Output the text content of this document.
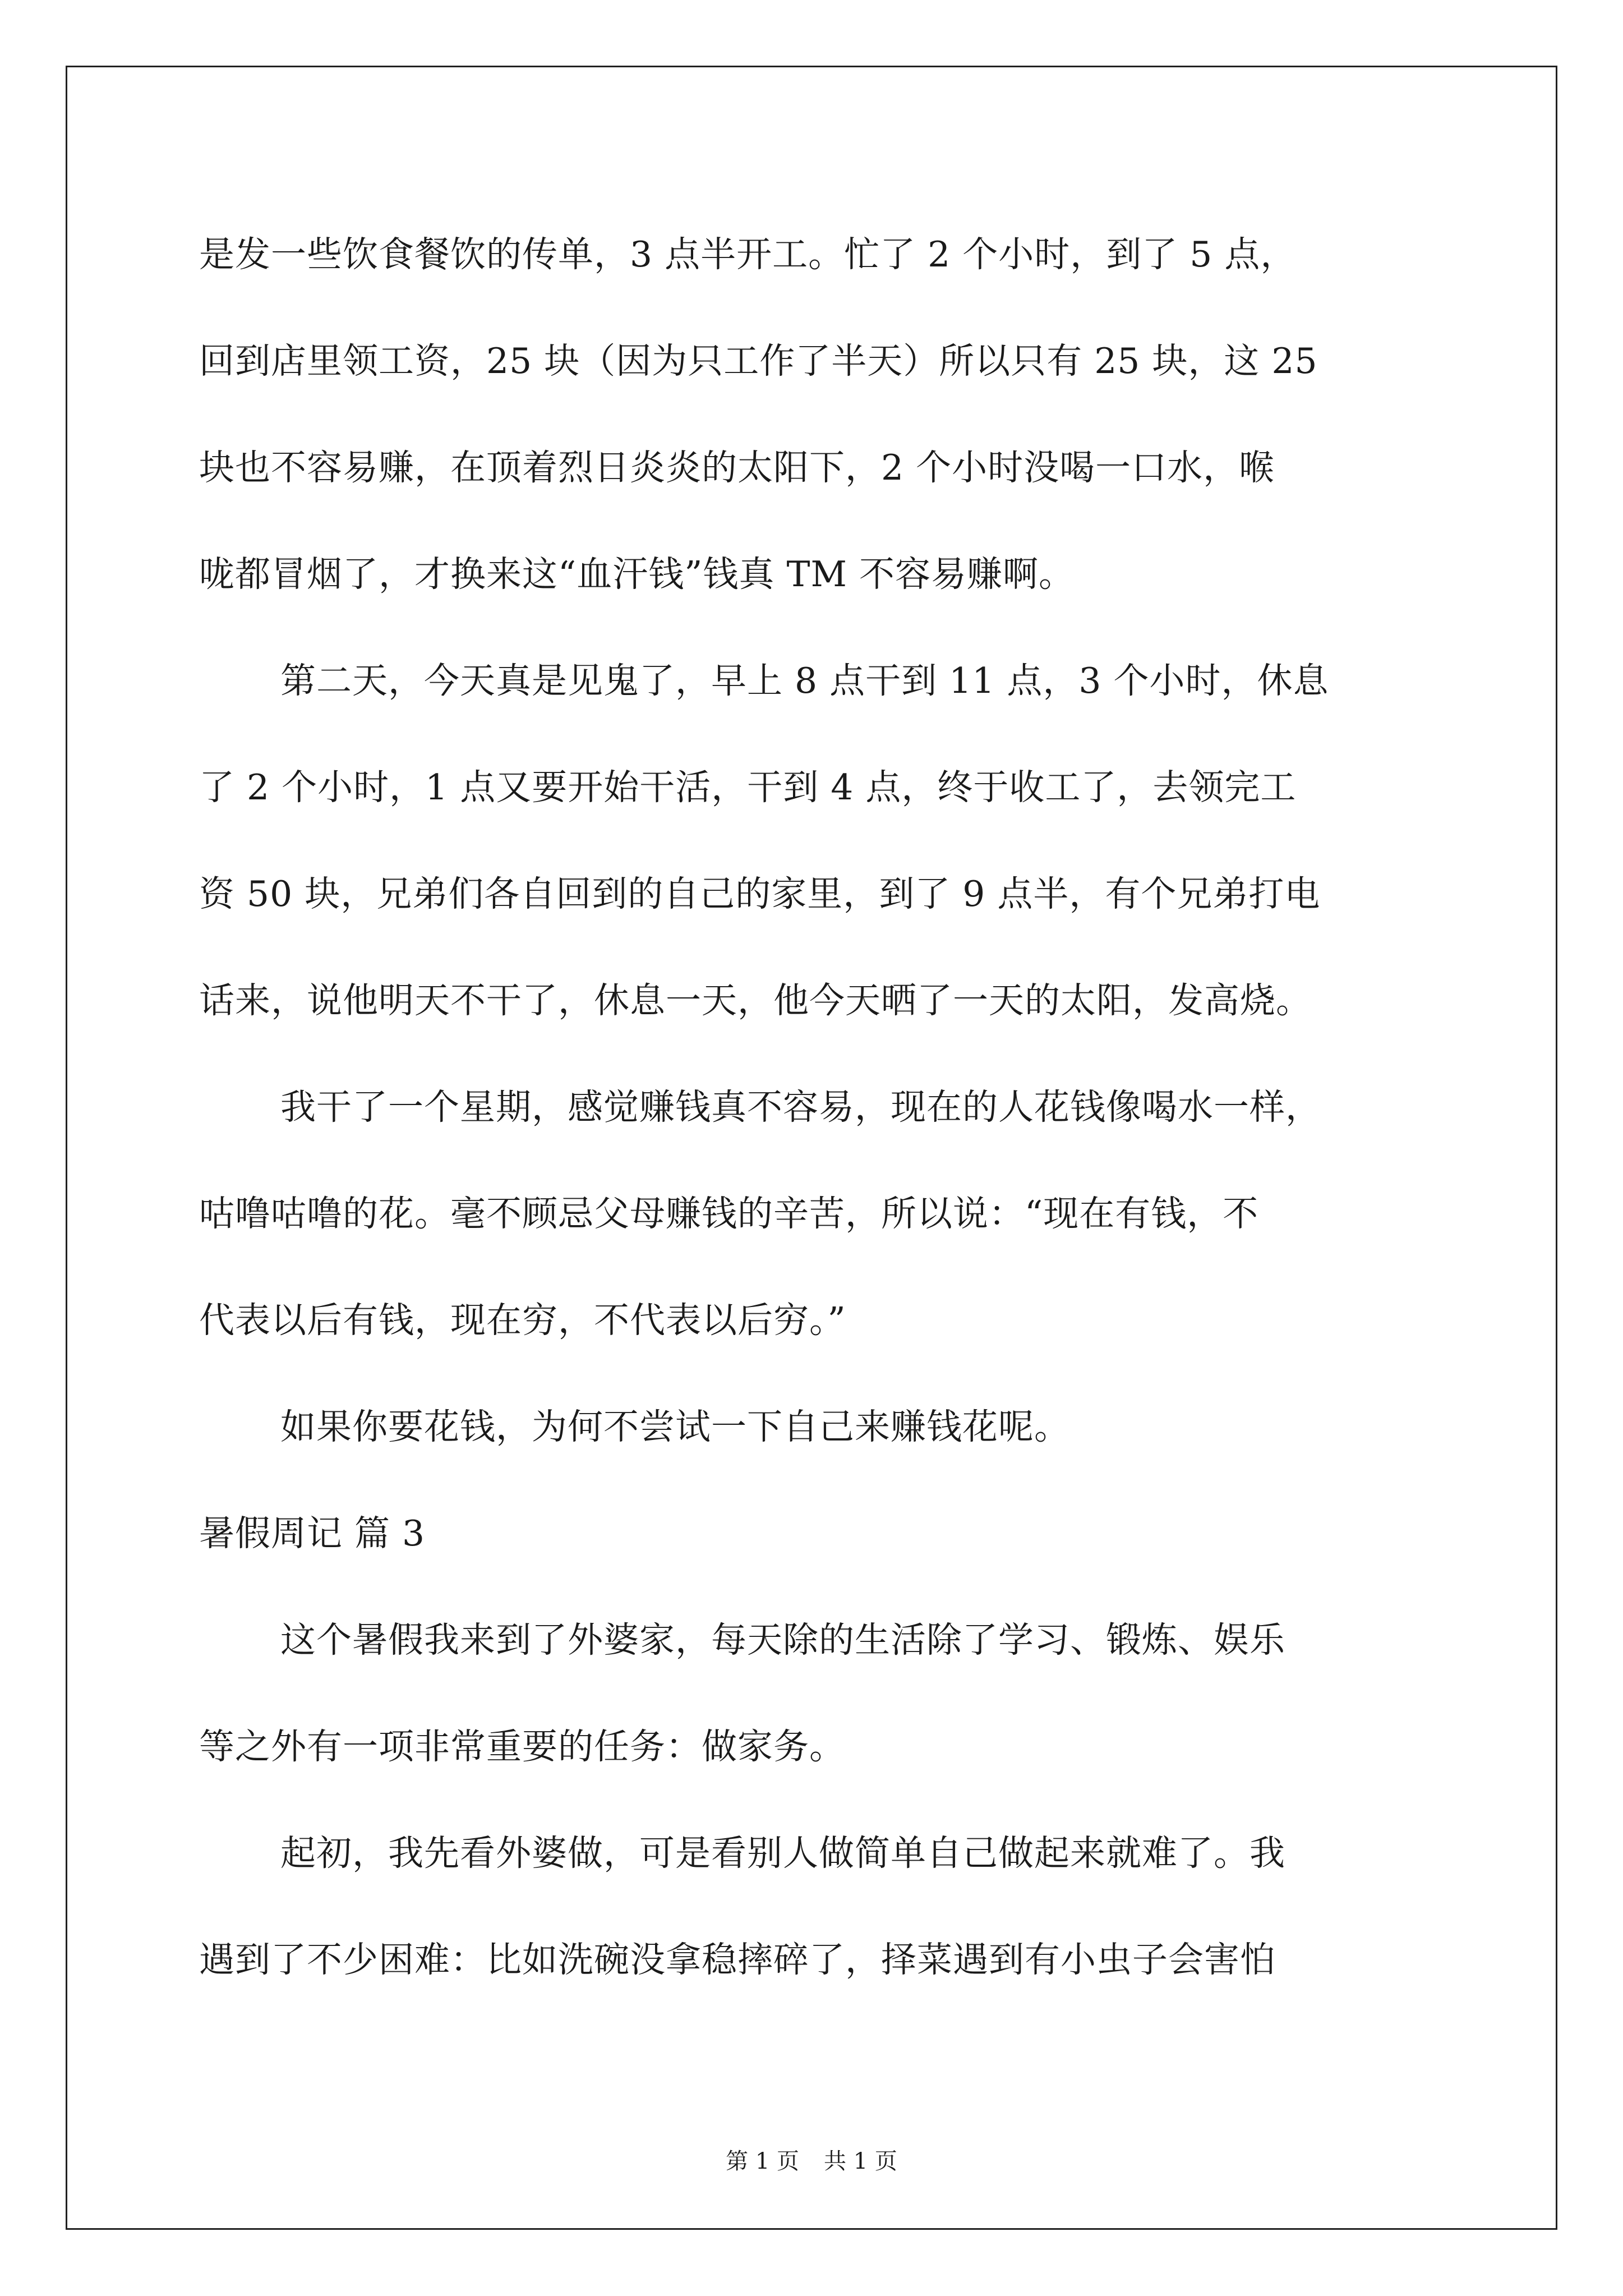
是发一些饮食餐饮的传单，3 点半开工。忙了 2 个小时，到了 5 点，
回到店里领工资，25 块（因为只工作了半天）所以只有 25 块，这 25
块也不容易赚，在顶着烈日炎炎的太阳下，2 个小时没喝一口水，喉
咙都冒烟了，才换来这“血汗钱”钱真 TM 不容易赚啊。
第二天，今天真是见鬼了，早上 8 点干到 11 点，3 个小时，休息
了 2 个小时，1 点又要开始干活，干到 4 点，终于收工了，去领完工
资 50 块，兄弟们各自回到的自己的家里，到了 9 点半，有个兄弟打电
话来，说他明天不干了，休息一天，他今天晒了一天的太阳，发高烧。
我干了一个星期，感觉赚钱真不容易，现在的人花钱像喝水一样，
咕噜咕噜的花。毫不顾忌父母赚钱的辛苦，所以说：“现在有钱，不
代表以后有钱，现在穷，不代表以后穷。”
如果你要花钱，为何不尝试一下自己来赚钱花呢。
暑假周记 篇 3
这个暑假我来到了外婆家，每天除的生活除了学习、锻炼、娱乐
等之外有一项非常重要的任务：做家务。
起初，我先看外婆做，可是看别人做简单自己做起来就难了。我
遇到了不少困难：比如洗碗没拿稳摔碎了，择菜遇到有小虫子会害怕
第 1 页 共 1 页
